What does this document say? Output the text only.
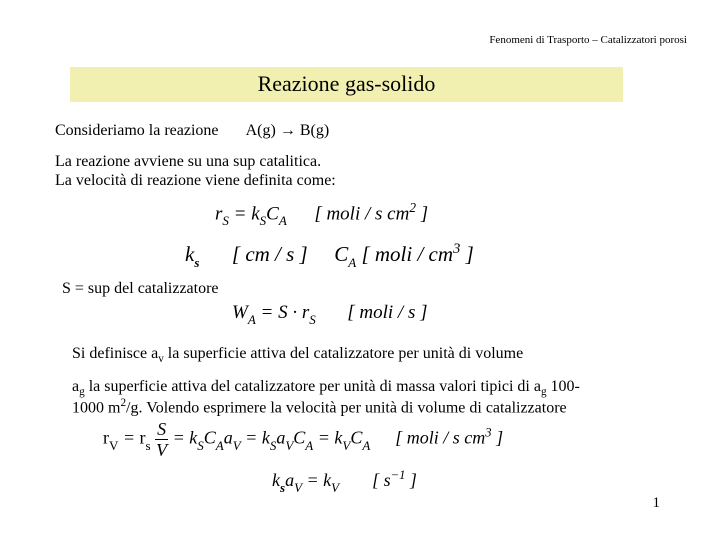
Fenomeni di Trasporto – Catalizzatori porosi
Reazione gas-solido
Consideriamo la reazione A(g) → B(g)
La reazione avviene su una sup catalitica.
La velocità di reazione viene definita come:
$r_S = k_SC_A$ [ moli / s $cm^2$ ]
$k_s$ [ cm / s ]  $C_A$ [ moli / $cm^3$ ]
S = sup del catalizzatore
$W_A = S \cdot r_S$ [ moli / s ]
Si definisce $a_v$ la superficie attiva del catalizzatore per unità di volume
$a_g$ la superficie attiva del catalizzatore per unità di massa valori tipici di $a_g$ 100-
1000 $m^2/g$. Volendo esprimere la velocità per unità di volume di catalizzatore
$r_V = r_s \frac{S}{V} = k_SC_Aa_V = k_Sa_VC_A = k_VC_A$ [ moli / s $cm^3$ ]
$k_sa_V = k_V$ [ $s^{-1}$ ]
1
